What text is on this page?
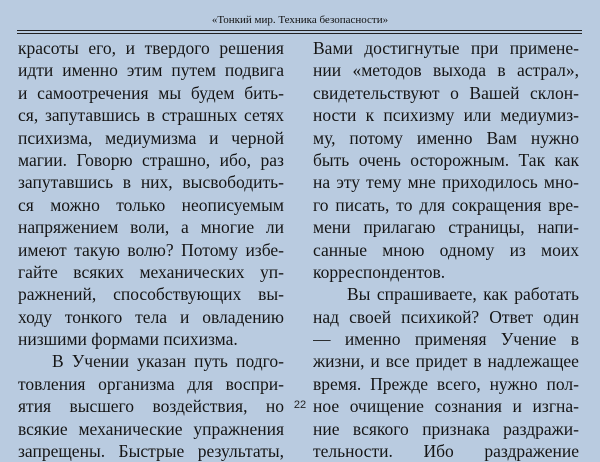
«Тонкий мир. Техника безопасности»
красоты его, и твердого решения
идти именно этим путем подвига
и самоотречения мы будем бить-
ся, запутавшись в страшных сетях
психизма, медиумизма и черной
магии. Говорю страшно, ибо, раз
запутавшись в них, высвободить-
ся можно только неописуемым
напряжением воли, а многие ли
имеют такую волю? Потому избе-
гайте всяких механических уп-
ражнений, способствующих вы-
ходу тонкого тела и овладению
низшими формами психизма.
В Учении указан путь подго-
товления организма для воспри-
ятия высшего воздействия, но
всякие механические упражнения
запрещены. Быстрые результаты,
Вами достигнутые при примене-
нии «методов выхода в астрал»,
свидетельствуют о Вашей склон-
ности к психизму или медиумиз-
му, потому именно Вам нужно
быть очень осторожным. Так как
на эту тему мне приходилось мно-
го писать, то для сокращения вре-
мени прилагаю страницы, напи-
санные мною одному из моих
корреспондентов.
Вы спрашиваете, как работать
над своей психикой? Ответ один
— именно применяя Учение в
жизни, и все придет в надлежащее
время. Прежде всего, нужно пол-
ное очищение сознания и изгна-
ние всякого признака раздражи-
тельности. Ибо раздражение
22
